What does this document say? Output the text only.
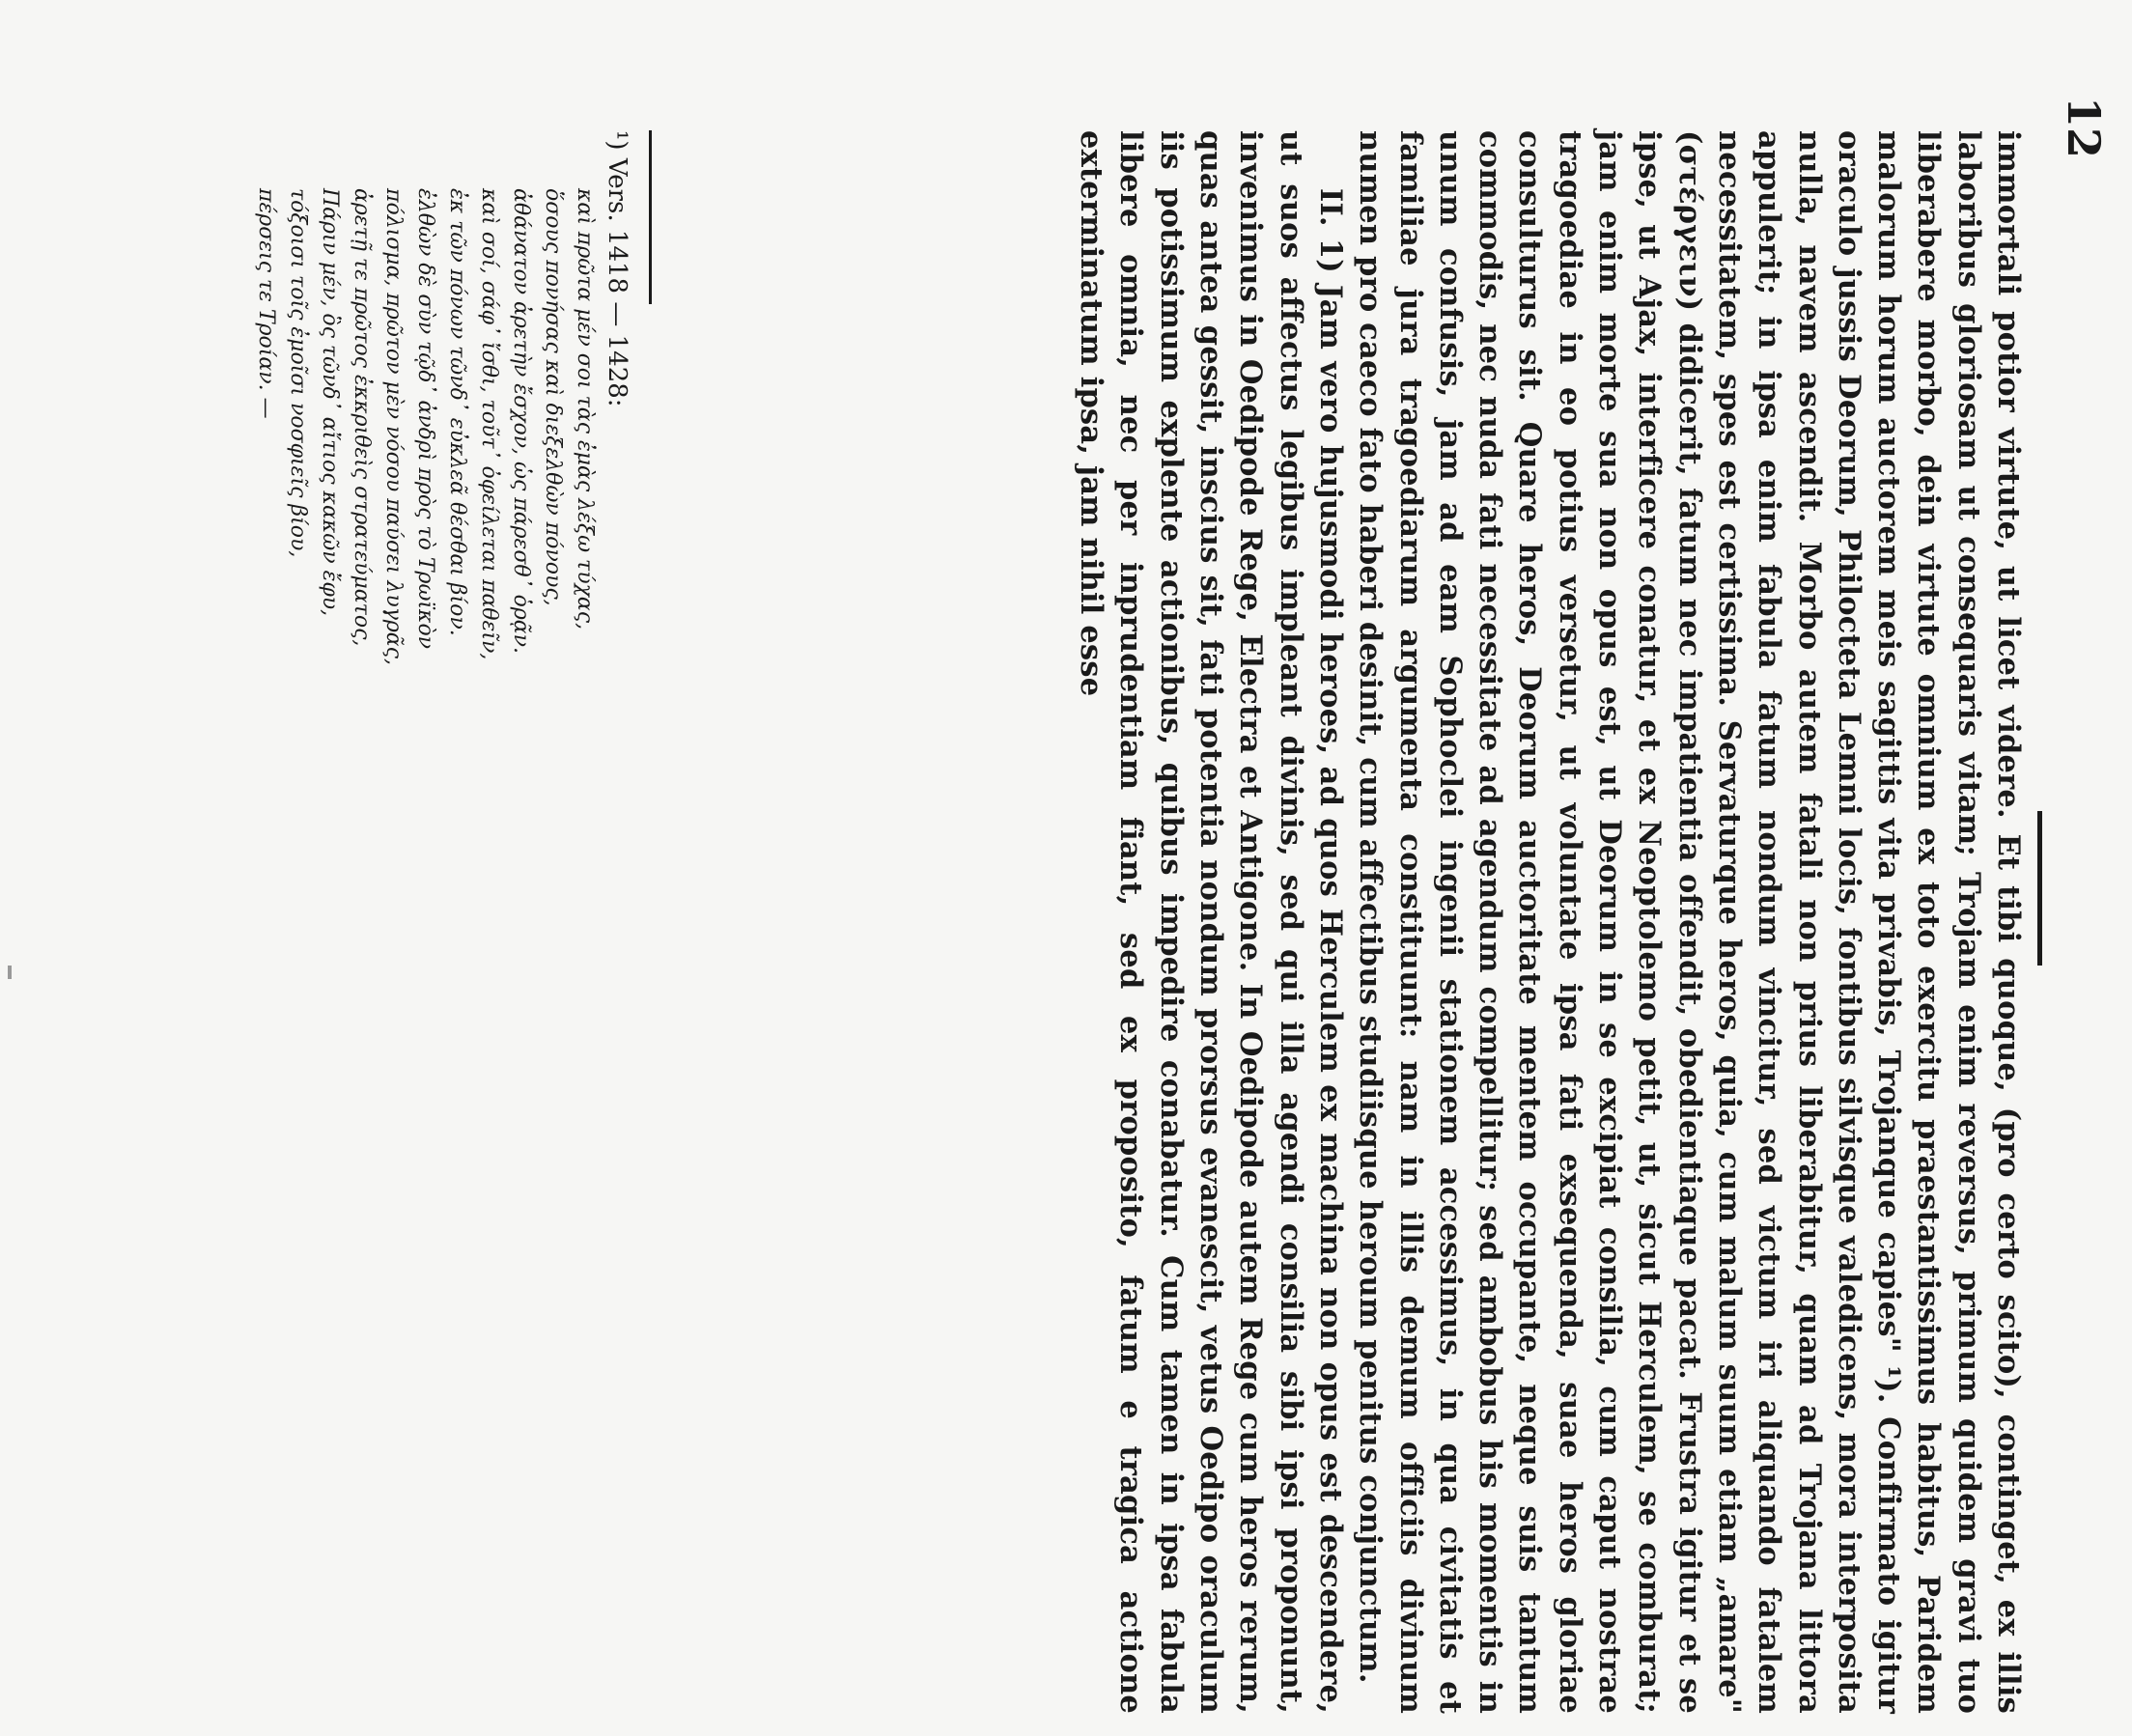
12

immortali potior virtute, ut licet videre. Et tibi quoque, (pro certo scito), continget, ex illis laboribus gloriosam ut consequaris vitam; Trojam enim reversus, primum quidem gravi tuo liberabere morbo, dein virtute omnium ex toto exercitu praestantissimus habitus, Paridem malorum horum auctorem meis sagittis vita privabis, Trojanque capies" ¹). Confirmato igitur oraculo jussis Deorum, Philocteta Lemni locis, fontibus silvisque valedicens, mora interposita nulla, navem ascendit. Morbo autem fatali non prius liberabitur, quam ad Trojana littora appulerit; in ipsa enim fabula fatum nondum vincitur, sed victum iri aliquando fatalem necessitatem, spes est certissima. Servaturque heros, quia, cum malum suum etiam „amare" (στέργειν) didicerit, fatum nec impatientia offendit, obedientiaque pacat. Frustra igitur et se ipse, ut Ajax, interficere conatur, et ex Neoptolemo petit, ut, sicut Herculem, se comburat; jam enim morte sua non opus est, ut Deorum in se excipiat consilia, cum caput nostrae tragoediae in eo potius versetur, ut voluntate ipsa fati exsequenda, suae heros gloriae consulturus sit. Quare heros, Deorum auctoritate mentem occupante, neque suis tantum commodis, nec nuda fati necessitate ad agendum compellitur; sed ambobus his momentis in unum confusis, jam ad eam Sophoclei ingenii stationem accessimus, in qua civitatis et familiae jura tragoediarum argumenta constituunt: nam in illis demum officiis divinum numen pro caeco fato haberi desinit, cum affectibus studiisque heroum penitus conjunctum.

II. 1) Jam vero hujusmodi heroes, ad quos Herculem ex machina non opus est descendere, ut suos affectus legibus impleant divinis, sed qui illa agendi consilia sibi ipsi proponunt, invenimus in Oedipode Rege, Electra et Antigone. In Oedipode autem Rege cum heros rerum, quas antea gessit, inscius sit, fati potentia nondum prorsus evanescit, vetus Oedipo oraculum iis potissimum explente actionibus, quibus impedire conabatur. Cum tamen in ipsa fabula libere omnia, nec per inprudentiam fiant, sed ex proposito, fatum e tragica actione exterminatum ipsa, jam nihil esse

¹) Vers. 1418 — 1428:
καὶ πρῶτα μέν σοι τὰς ἐμὰς λέξω τύχας,
ὅσους πονήσας καὶ διεξελθὼν πόνους,
ἀθάνατον ἀρετὴν ἔσχον, ὡς πάρεσθ᾽ ὁρᾷν.
καὶ σοί, σάφ᾽ ἴσθι, τοῦτ᾽ ὀφείλεται παθεῖν,
ἐκ τῶν πόνων τῶνδ᾽ εὐκλεᾶ θέσθαι βίον.
ἐλθὼν δὲ σὺν τῷδ᾽ ἀνδρὶ πρὸς τὸ Τρωϊκὸν
πόλισμα, πρῶτον μὲν νόσου παύσει λυγρᾶς,
ἀρετῇ τε πρῶτος ἐκκριθεὶς στρατεύματος,
Πάριν μέν, ὃς τῶνδ᾽ αἴτιος κακῶν ἔφυ,
τόξοισι τοῖς ἐμοῖσι νοσφιεῖς βίου,
πέρσεις τε Τροίαν. —
